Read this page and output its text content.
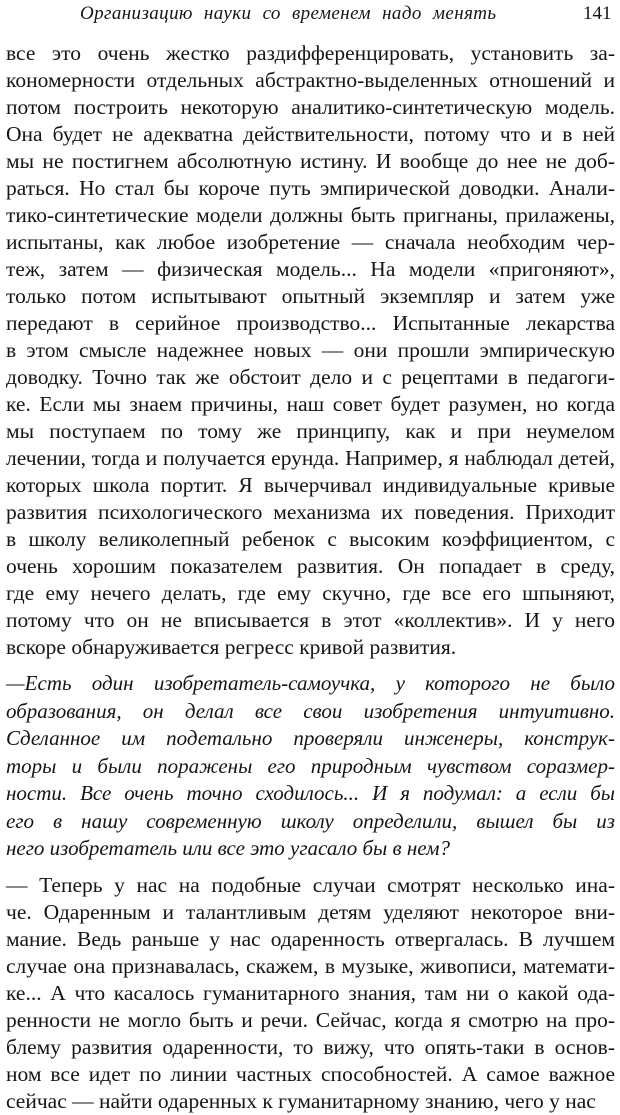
Организацию науки со временем надо менять	141
все это очень жестко раздифференцировать, установить за-
кономерности отдельных абстрактно-выделенных отношений и
потом построить некоторую аналитико-синтетическую модель.
Она будет не адекватна действительности, потому что и в ней
мы не постигнем абсолютную истину. И вообще до нее не доб-
раться. Но стал бы короче путь эмпирической доводки. Анали-
тико-синтетические модели должны быть пригнаны, прилажены,
испытаны, как любое изобретение — сначала необходим чер-
теж, затем — физическая модель... На модели «пригоняют»,
только потом испытывают опытный экземпляр и затем уже
передают в серийное производство... Испытанные лекарства
в этом смысле надежнее новых — они прошли эмпирическую
доводку. Точно так же обстоит дело и с рецептами в педагоги-
ке. Если мы знаем причины, наш совет будет разумен, но когда
мы поступаем по тому же принципу, как и при неумелом
лечении, тогда и получается ерунда. Например, я наблюдал детей,
которых школа портит. Я вычерчивал индивидуальные кривые
развития психологического механизма их поведения. Приходит
в школу великолепный ребенок с высоким коэффициентом, с
очень хорошим показателем развития. Он попадает в среду,
где ему нечего делать, где ему скучно, где все его шпыняют,
потому что он не вписывается в этот «коллектив». И у него
вскоре обнаруживается регресс кривой развития.
—Есть один изобретатель-самоучка, у которого не было
образования, он делал все свои изобретения интуитивно.
Сделанное им подетально проверяли инженеры, конструк-
торы и были поражены его природным чувством соразмер-
ности. Все очень точно сходилось... И я подумал: а если бы
его в нашу современную школу определили, вышел бы из
него изобретатель или все это угасало бы в нем?
— Теперь у нас на подобные случаи смотрят несколько ина-
че. Одаренным и талантливым детям уделяют некоторое вни-
мание. Ведь раньше у нас одаренность отвергалась. В лучшем
случае она признавалась, скажем, в музыке, живописи, математи-
ке... А что касалось гуманитарного знания, там ни о какой ода-
ренности не могло быть и речи. Сейчас, когда я смотрю на про-
блему развития одаренности, то вижу, что опять-таки в основ-
ном все идет по линии частных способностей. А самое важное
сейчас — найти одаренных к гуманитарному знанию, чего у нас
